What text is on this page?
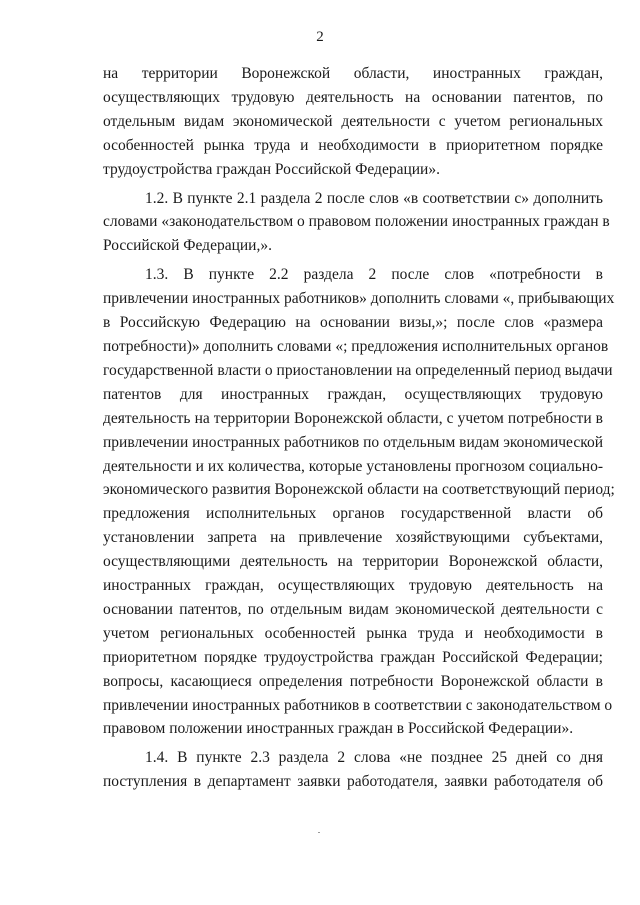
2
на территории Воронежской области, иностранных граждан,
осуществляющих трудовую деятельность на основании патентов, по
отдельным видам экономической деятельности с учетом региональных
особенностей рынка труда и необходимости в приоритетном порядке
трудоустройства граждан Российской Федерации».
1.2. В пункте 2.1 раздела 2 после слов «в соответствии с» дополнить
словами «законодательством о правовом положении иностранных граждан в
Российской Федерации,».
1.3. В пункте 2.2 раздела 2 после слов «потребности в
привлечении иностранных работников» дополнить словами «, прибывающих
в Российскую Федерацию на основании визы,»; после слов «размера
потребности)» дополнить словами «; предложения исполнительных органов
государственной власти о приостановлении на определенный период выдачи
патентов для иностранных граждан, осуществляющих трудовую
деятельность на территории Воронежской области, с учетом потребности в
привлечении иностранных работников по отдельным видам экономической
деятельности и их количества, которые установлены прогнозом социально-
экономического развития Воронежской области на соответствующий период;
предложения исполнительных органов государственной власти об
установлении запрета на привлечение хозяйствующими субъектами,
осуществляющими деятельность на территории Воронежской области,
иностранных граждан, осуществляющих трудовую деятельность на
основании патентов, по отдельным видам экономической деятельности с
учетом региональных особенностей рынка труда и необходимости в
приоритетном порядке трудоустройства граждан Российской Федерации;
вопросы, касающиеся определения потребности Воронежской области в
привлечении иностранных работников в соответствии с законодательством о
правовом положении иностранных граждан в Российской Федерации».
1.4. В пункте 2.3 раздела 2 слова «не позднее 25 дней со дня
поступления в департамент заявки работодателя, заявки работодателя об
